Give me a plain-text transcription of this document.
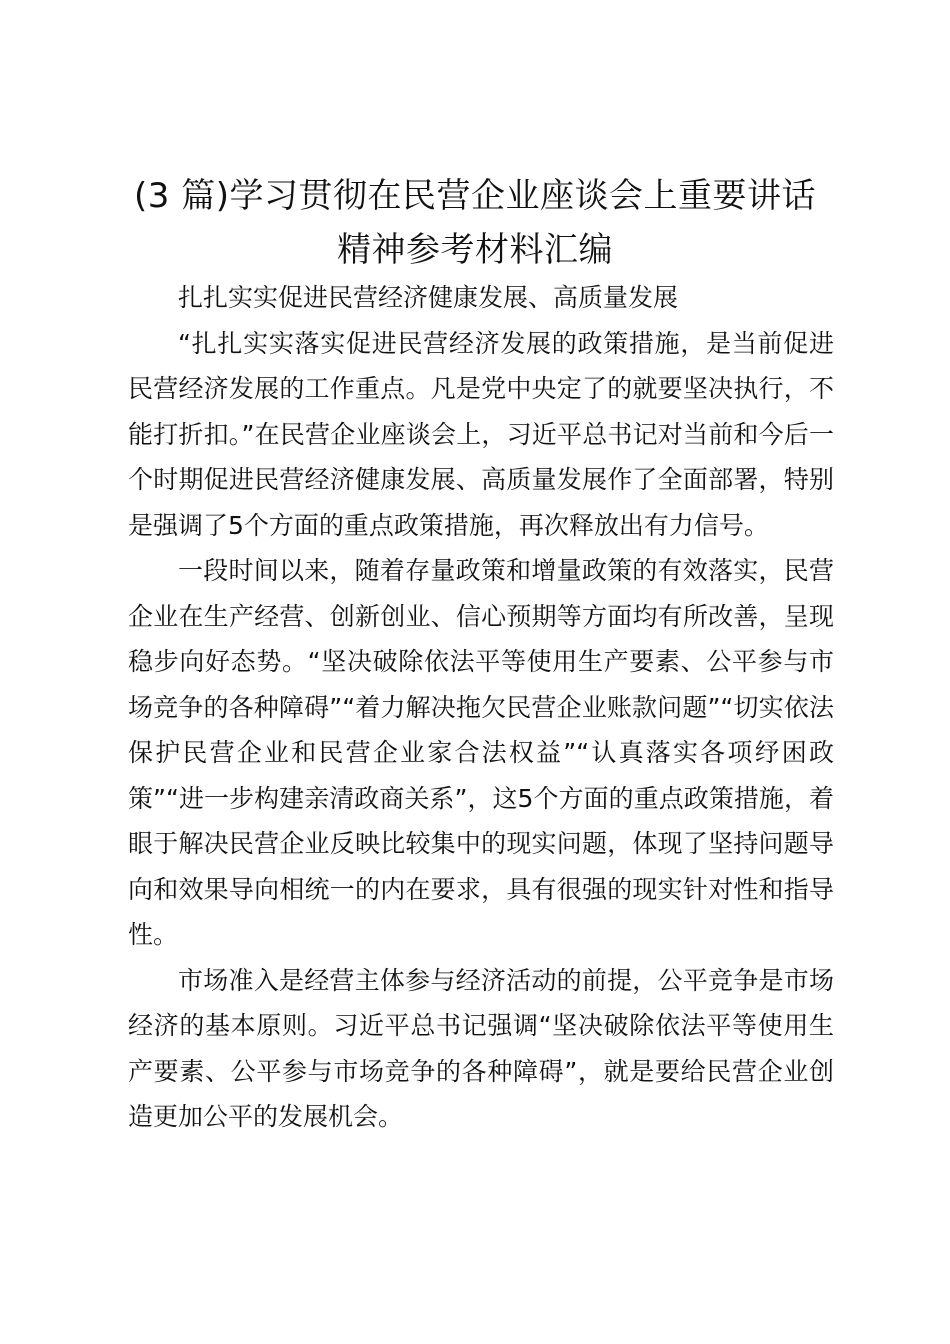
(3 篇)学习贯彻在民营企业座谈会上重要讲话
精神参考材料汇编

扎扎实实促进民营经济健康发展、高质量发展

“扎扎实实落实促进民营经济发展的政策措施，是当前促进民营经济发展的工作重点。凡是党中央定了的就要坚决执行，不能打折扣。”在民营企业座谈会上，习近平总书记对当前和今后一个时期促进民营经济健康发展、高质量发展作了全面部署，特别是强调了5个方面的重点政策措施，再次释放出有力信号。

一段时间以来，随着存量政策和增量政策的有效落实，民营企业在生产经营、创新创业、信心预期等方面均有所改善，呈现稳步向好态势。“坚决破除依法平等使用生产要素、公平参与市场竞争的各种障碍”“着力解决拖欠民营企业账款问题”“切实依法保护民营企业和民营企业家合法权益”“认真落实各项纾困政策”“进一步构建亲清政商关系”，这5个方面的重点政策措施，着眼于解决民营企业反映比较集中的现实问题，体现了坚持问题导向和效果导向相统一的内在要求，具有很强的现实针对性和指导性。

市场准入是经营主体参与经济活动的前提，公平竞争是市场经济的基本原则。习近平总书记强调“坚决破除依法平等使用生产要素、公平参与市场竞争的各种障碍”，就是要给民营企业创造更加公平的发展机会。
